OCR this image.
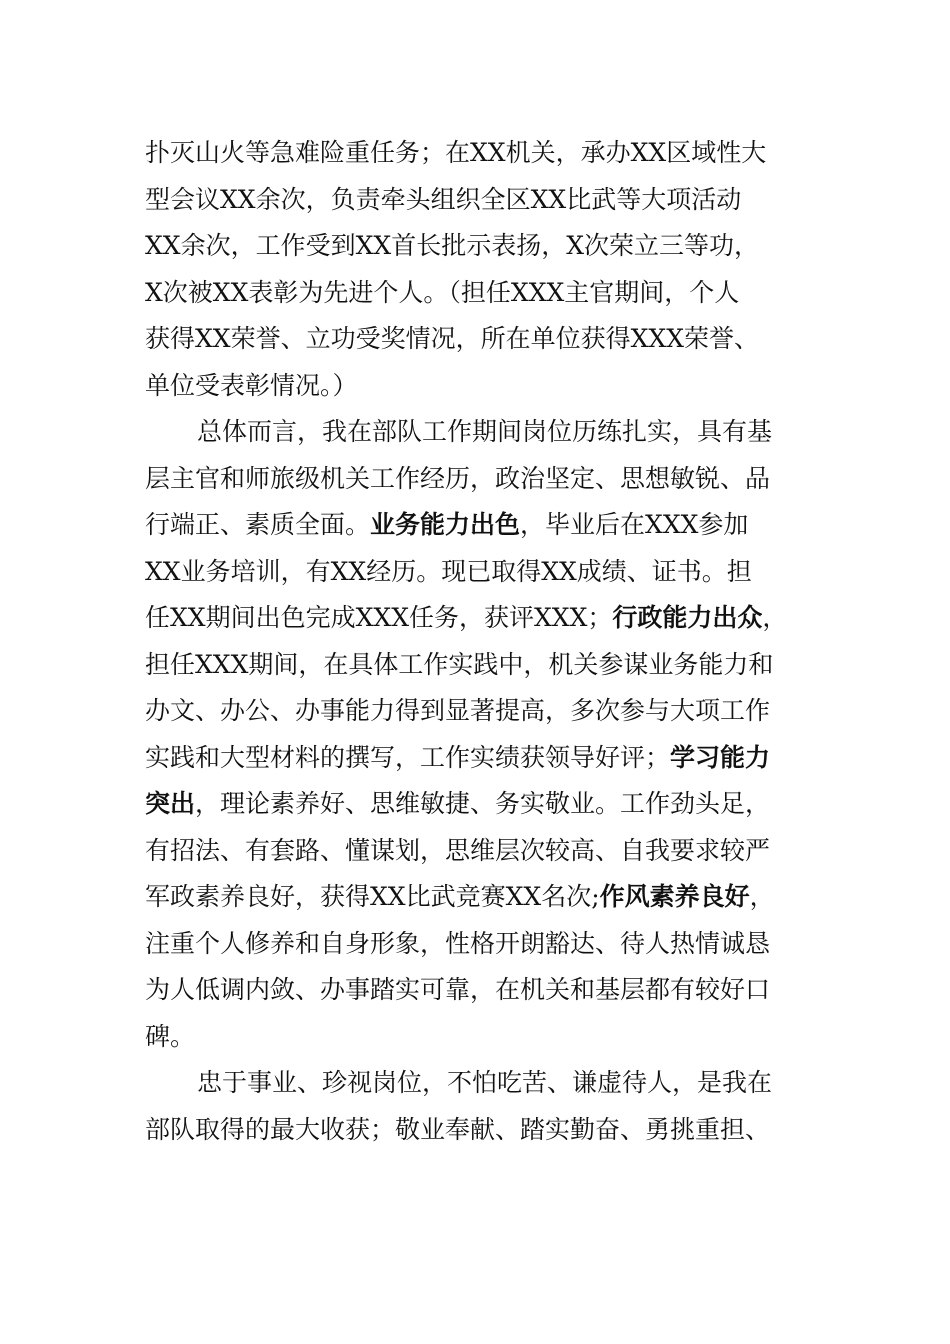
扑灭山火等急难险重任务；在XX机关，承办XX区域性大
型会议XX余次，负责牵头组织全区XX比武等大项活动
XX余次，工作受到XX首长批示表扬，X次荣立三等功，
X次被XX表彰为先进个人。（担任XXX主官期间，个人
获得XX荣誉、立功受奖情况，所在单位获得XXX荣誉、
单位受表彰情况。）
总体而言，我在部队工作期间岗位历练扎实，具有基
层主官和师旅级机关工作经历，政治坚定、思想敏锐、品
行端正、素质全面。业务能力出色，毕业后在XXX参加
XX业务培训，有XX经历。现已取得XX成绩、证书。担
任XX期间出色完成XXX任务，获评XXX；行政能力出众，
担任XXX期间，在具体工作实践中，机关参谋业务能力和
办文、办公、办事能力得到显著提高，多次参与大项工作
实践和大型材料的撰写，工作实绩获领导好评；学习能力
突出，理论素养好、思维敏捷、务实敬业。工作劲头足，
有招法、有套路、懂谋划，思维层次较高、自我要求较严
军政素养良好，获得XX比武竞赛XX名次;作风素养良好，
注重个人修养和自身形象，性格开朗豁达、待人热情诚恳
为人低调内敛、办事踏实可靠，在机关和基层都有较好口
碑。
忠于事业、珍视岗位，不怕吃苦、谦虚待人，是我在
部队取得的最大收获；敬业奉献、踏实勤奋、勇挑重担、
